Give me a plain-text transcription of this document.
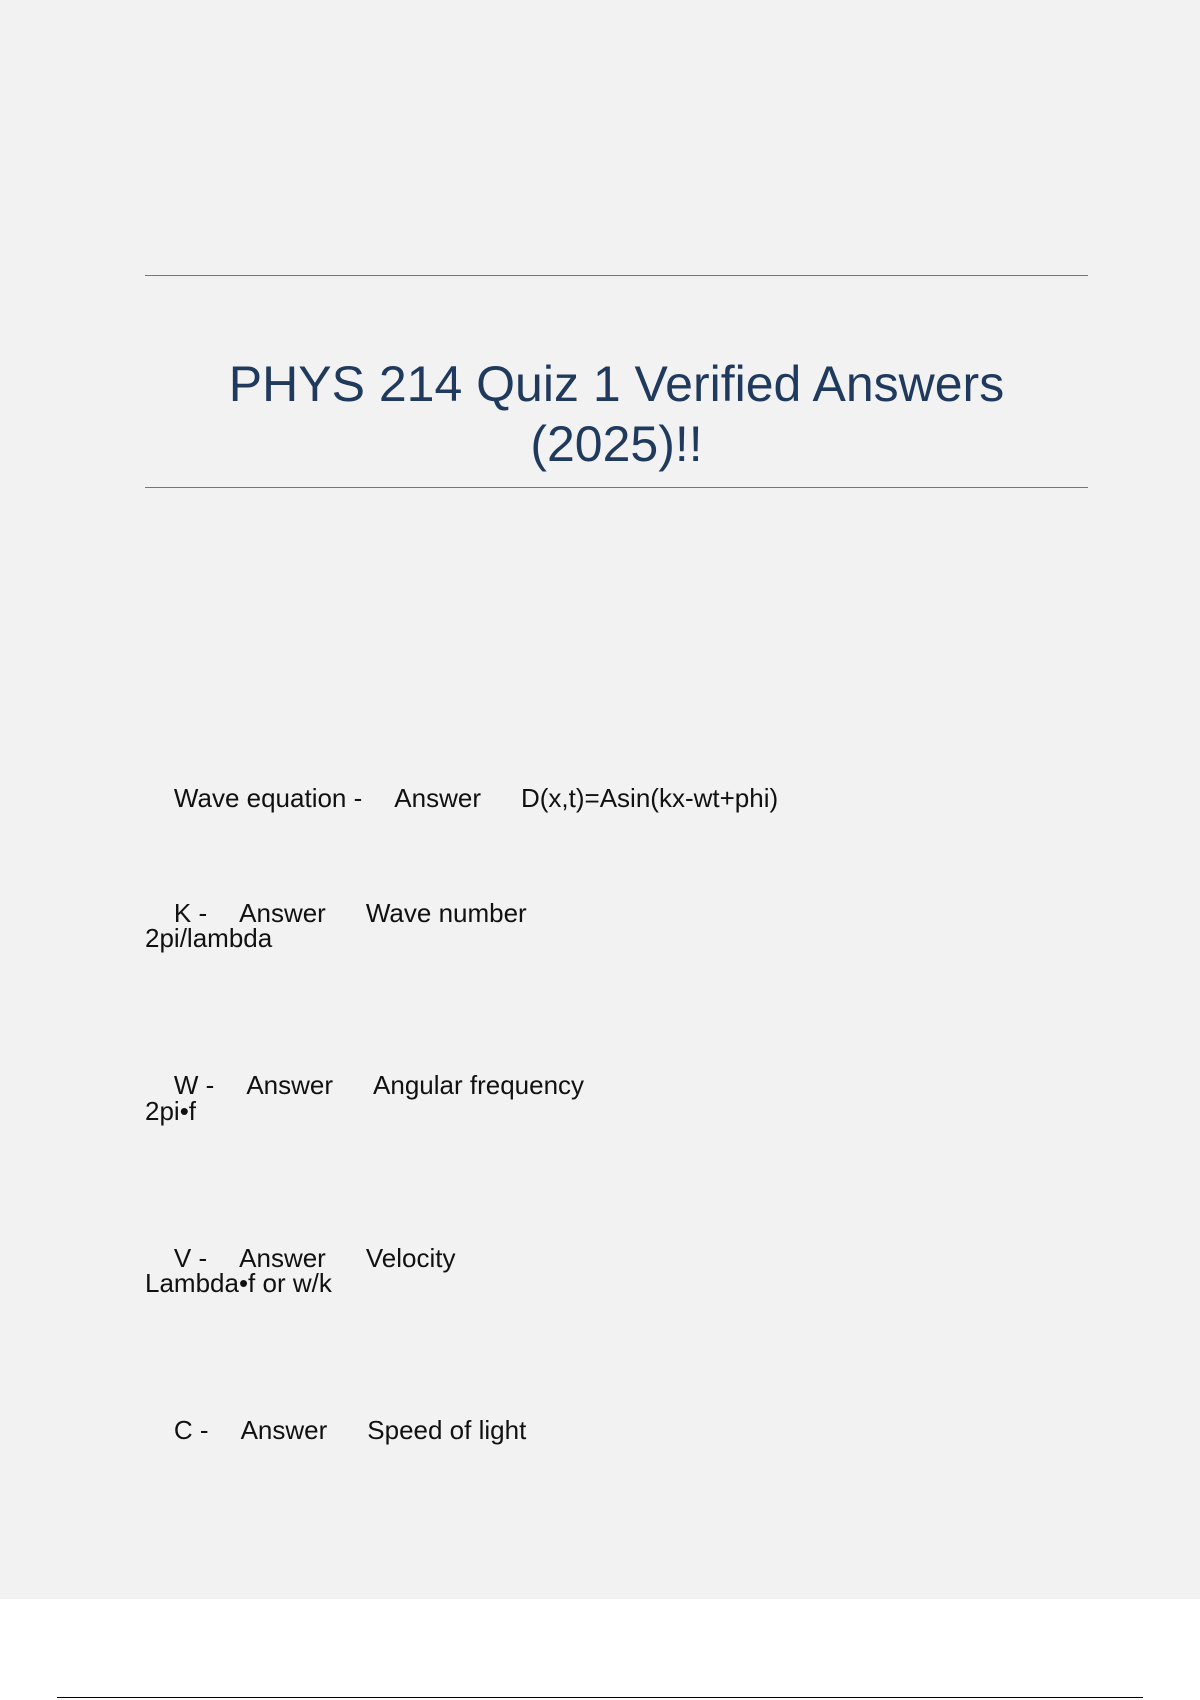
PHYS 214 Quiz 1 Verified Answers (2025)!!

Wave equation - Answer D(x,t)=Asin(kx-wt+phi)

K - Answer Wave number

2pi/lambda

W - Answer Angular frequency

2pi•f

V - Answer Velocity

Lambda•f or w/k

C - Answer Speed of light
